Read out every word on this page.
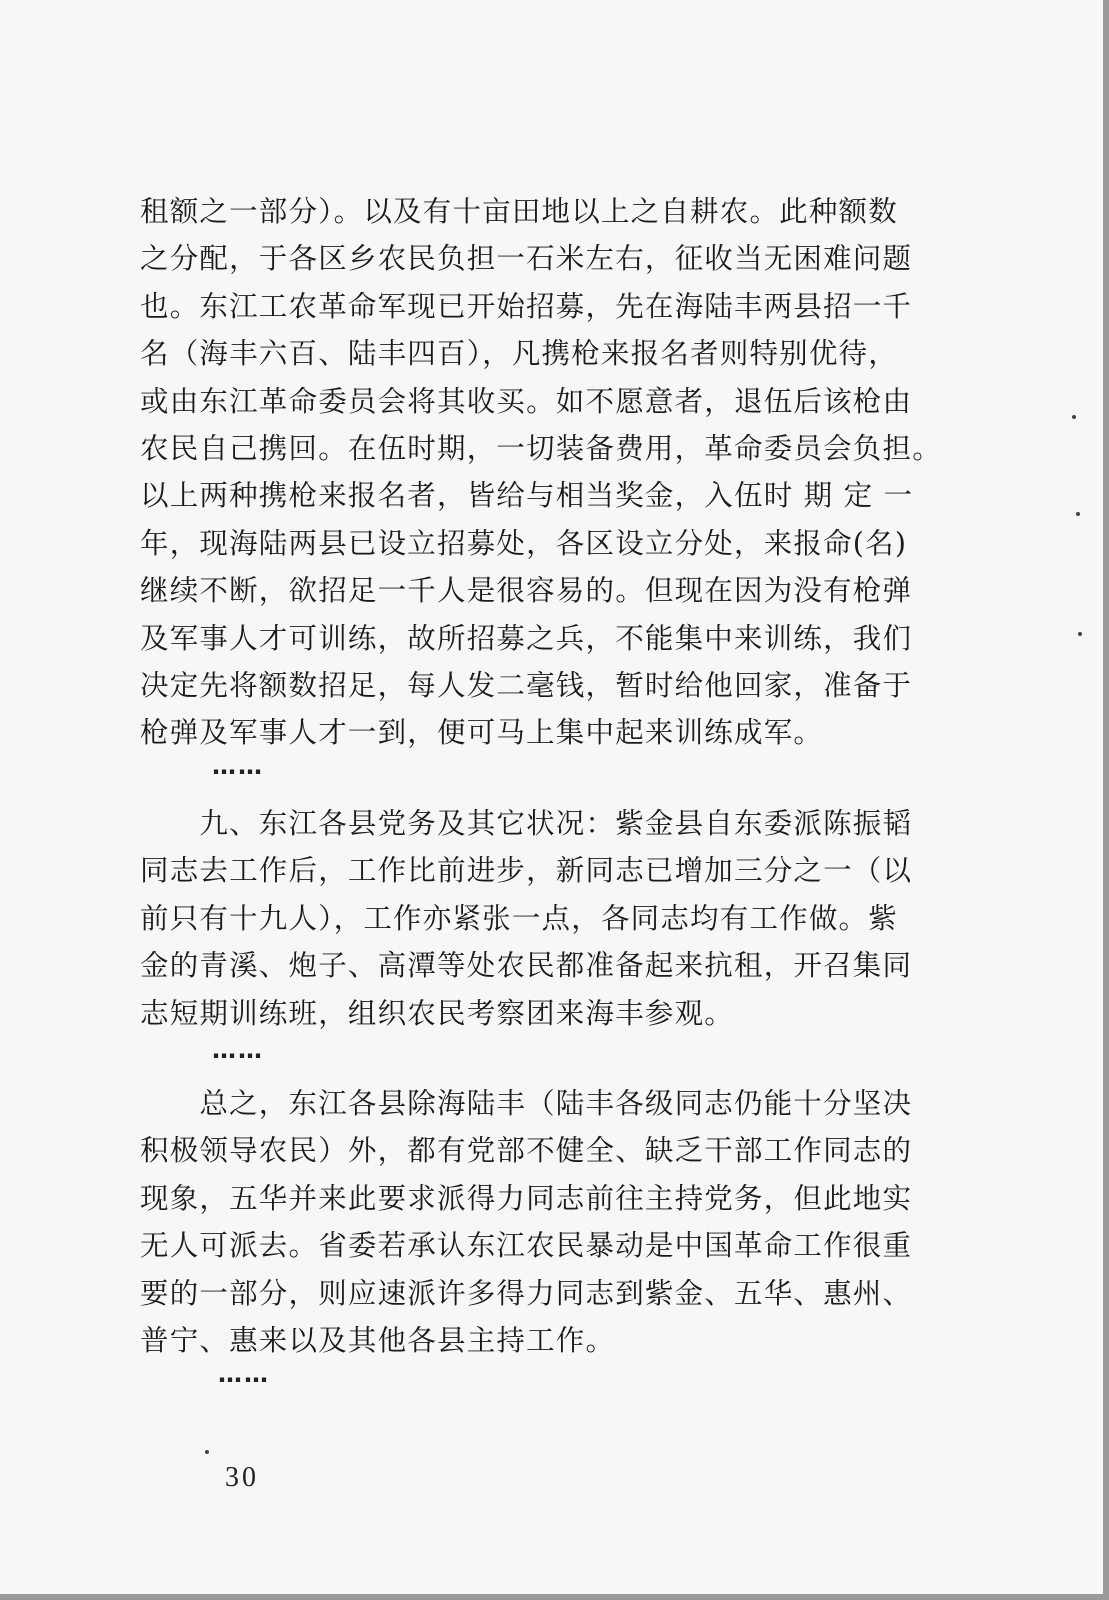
租额之一部分）。以及有十亩田地以上之自耕农。此种额数
之分配，于各区乡农民负担一石米左右，征收当无困难问题
也。东江工农革命军现已开始招募，先在海陆丰两县招一千
名（海丰六百、陆丰四百），凡携枪来报名者则特别优待，
或由东江革命委员会将其收买。如不愿意者，退伍后该枪由
农民自己携回。在伍时期，一切装备费用，革命委员会负担。
以上两种携枪来报名者，皆给与相当奖金，入伍时 期 定 一
年，现海陆两县已设立招募处，各区设立分处，来报命(名)
继续不断，欲招足一千人是很容易的。但现在因为没有枪弹
及军事人才可训练，故所招募之兵，不能集中来训练，我们
决定先将额数招足，每人发二毫钱，暂时给他回家，准备于
枪弹及军事人才一到，便可马上集中起来训练成军。
……
　　九、东江各县党务及其它状况：紫金县自东委派陈振韬
同志去工作后，工作比前进步，新同志已增加三分之一（以
前只有十九人），工作亦紧张一点，各同志均有工作做。紫
金的青溪、炮子、高潭等处农民都准备起来抗租，开召集同
志短期训练班，组织农民考察团来海丰参观。
……
　　总之，东江各县除海陆丰（陆丰各级同志仍能十分坚决
积极领导农民）外，都有党部不健全、缺乏干部工作同志的
现象，五华并来此要求派得力同志前往主持党务，但此地实
无人可派去。省委若承认东江农民暴动是中国革命工作很重
要的一部分，则应速派许多得力同志到紫金、五华、惠州、
普宁、惠来以及其他各县主持工作。
……
30
